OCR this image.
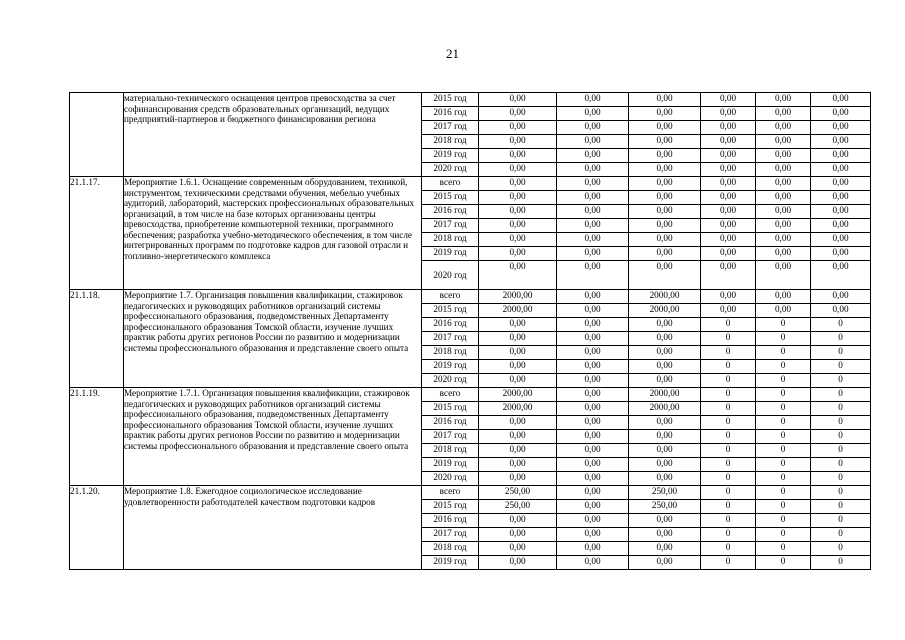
21
	материально-технического оснащения центров превосходства за счет софинансирования средств образовательных организаций, ведущих предприятий-партнеров и бюджетного финансирования региона	2015 год	0,00	0,00	0,00	0,00	0,00	0,00
		2016 год	0,00	0,00	0,00	0,00	0,00	0,00
		2017 год	0,00	0,00	0,00	0,00	0,00	0,00
		2018 год	0,00	0,00	0,00	0,00	0,00	0,00
		2019 год	0,00	0,00	0,00	0,00	0,00	0,00
		2020 год	0,00	0,00	0,00	0,00	0,00	0,00
21.1.17.	Мероприятие 1.6.1. Оснащение современным оборудованием, техникой, инструментом, техническими средствами обучения, мебелью учебных аудиторий, лабораторий, мастерских профессиональных образовательных организаций, в том числе на базе которых организованы центры превосходства, приобретение компьютерной техники, программного обеспечения; разработка учебно-методического обеспечения, в том числе интегрированных программ по подготовке кадров для газовой отрасли и топливно-энергетического комплекса	всего	0,00	0,00	0,00	0,00	0,00	0,00
		2015 год	0,00	0,00	0,00	0,00	0,00	0,00
		2016 год	0,00	0,00	0,00	0,00	0,00	0,00
		2017 год	0,00	0,00	0,00	0,00	0,00	0,00
		2018 год	0,00	0,00	0,00	0,00	0,00	0,00
		2019 год	0,00	0,00	0,00	0,00	0,00	0,00
		2020 год	0,00	0,00	0,00	0,00	0,00	0,00
21.1.18.	Мероприятие 1.7. Организация повышения квалификации, стажировок педагогических и руководящих работников организаций системы профессионального образования, подведомственных Департаменту профессионального образования Томской области, изучение лучших практик работы других регионов России по развитию и модернизации системы профессионального образования и представление своего опыта	всего	2000,00	0,00	2000,00	0,00	0,00	0,00
		2015 год	2000,00	0,00	2000,00	0,00	0,00	0,00
		2016 год	0,00	0,00	0,00	0	0	0
		2017 год	0,00	0,00	0,00	0	0	0
		2018 год	0,00	0,00	0,00	0	0	0
		2019 год	0,00	0,00	0,00	0	0	0
		2020 год	0,00	0,00	0,00	0	0	0
21.1.19.	Мероприятие 1.7.1. Организация повышения квалификации, стажировок педагогических и руководящих работников организаций системы профессионального образования, подведомственных Департаменту профессионального образования Томской области, изучение лучших практик работы других регионов России по развитию и модернизации системы профессионального образования и представление своего опыта	всего	2000,00	0,00	2000,00	0	0	0
		2015 год	2000,00	0,00	2000,00	0	0	0
		2016 год	0,00	0,00	0,00	0	0	0
		2017 год	0,00	0,00	0,00	0	0	0
		2018 год	0,00	0,00	0,00	0	0	0
		2019 год	0,00	0,00	0,00	0	0	0
		2020 год	0,00	0,00	0,00	0	0	0
21.1.20.	Мероприятие 1.8. Ежегодное социологическое исследование удовлетворенности работодателей качеством подготовки кадров	всего	250,00	0,00	250,00	0	0	0
		2015 год	250,00	0,00	250,00	0	0	0
		2016 год	0,00	0,00	0,00	0	0	0
		2017 год	0,00	0,00	0,00	0	0	0
		2018 год	0,00	0,00	0,00	0	0	0
		2019 год	0,00	0,00	0,00	0	0	0
